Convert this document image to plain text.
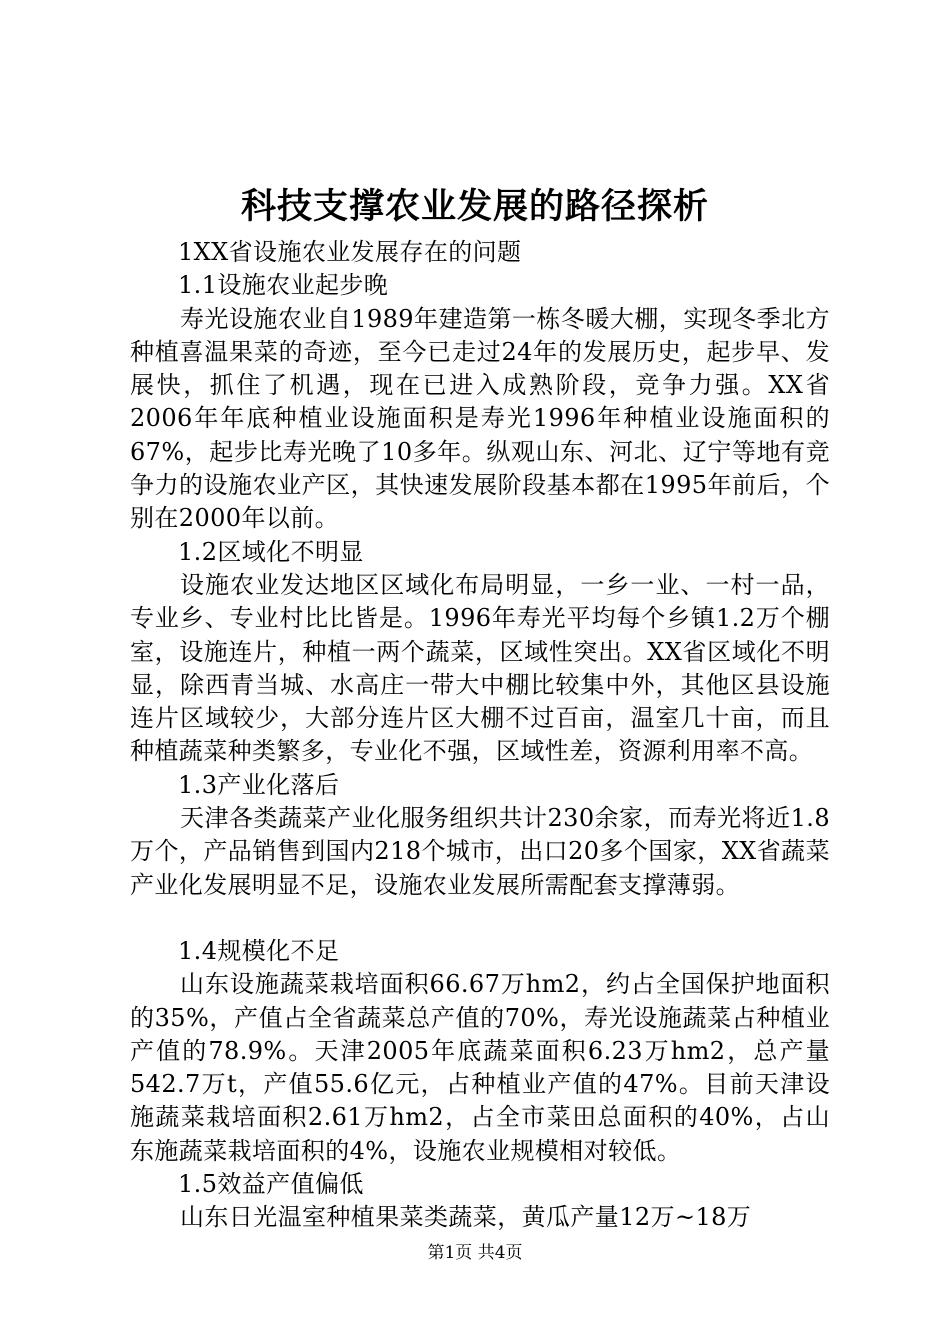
科技支撑农业发展的路径探析

1XX省设施农业发展存在的问题

1.1设施农业起步晚

寿光设施农业自1989年建造第一栋冬暖大棚，实现冬季北方种植喜温果菜的奇迹，至今已走过24年的发展历史，起步早、发展快，抓住了机遇，现在已进入成熟阶段，竞争力强。XX省2006年年底种植业设施面积是寿光1996年种植业设施面积的67%，起步比寿光晚了10多年。纵观山东、河北、辽宁等地有竞争力的设施农业产区，其快速发展阶段基本都在1995年前后，个别在2000年以前。

1.2区域化不明显

设施农业发达地区区域化布局明显，一乡一业、一村一品，专业乡、专业村比比皆是。1996年寿光平均每个乡镇1.2万个棚室，设施连片，种植一两个蔬菜，区域性突出。XX省区域化不明显，除西青当城、水高庄一带大中棚比较集中外，其他区县设施连片区域较少，大部分连片区大棚不过百亩，温室几十亩，而且种植蔬菜种类繁多，专业化不强，区域性差，资源利用率不高。

1.3产业化落后

天津各类蔬菜产业化服务组织共计230余家，而寿光将近1.8万个，产品销售到国内218个城市，出口20多个国家，XX省蔬菜产业化发展明显不足，设施农业发展所需配套支撑薄弱。

1.4规模化不足

山东设施蔬菜栽培面积66.67万hm2，约占全国保护地面积的35%，产值占全省蔬菜总产值的70%，寿光设施蔬菜占种植业产值的78.9%。天津2005年底蔬菜面积6.23万hm2，总产量542.7万t，产值55.6亿元，占种植业产值的47%。目前天津设施蔬菜栽培面积2.61万hm2，占全市菜田总面积的40%，占山东施蔬菜栽培面积的4%，设施农业规模相对较低。

1.5效益产值偏低

山东日光温室种植果菜类蔬菜，黄瓜产量12万~18万

第1页 共4页
